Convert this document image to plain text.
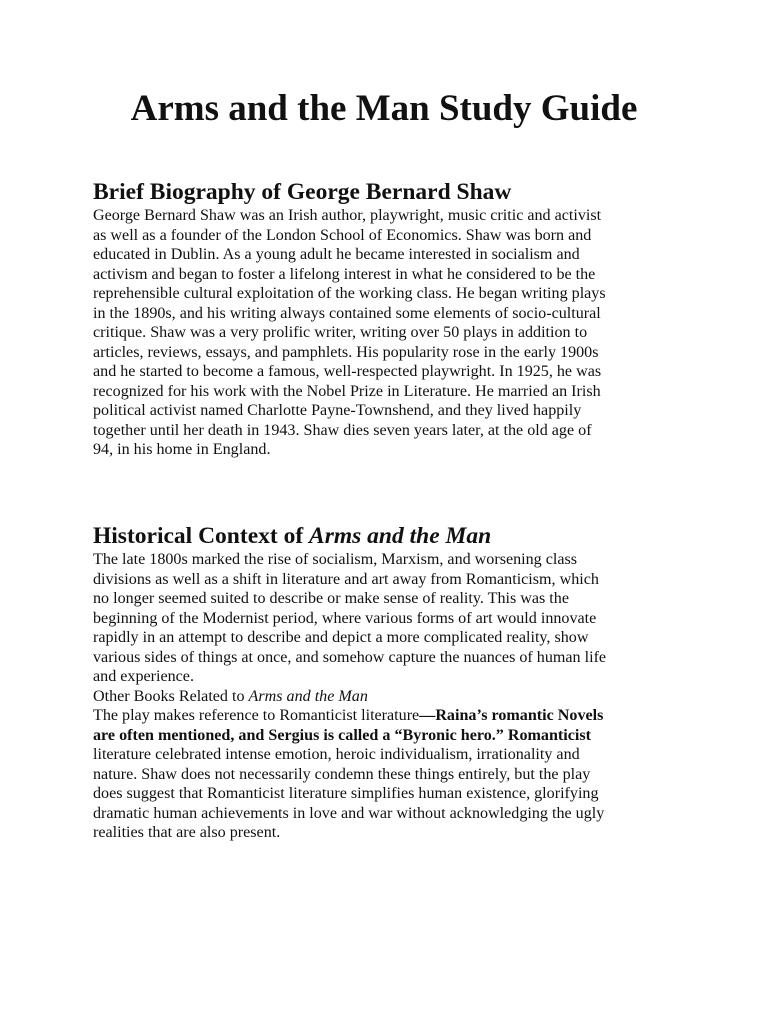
Arms and the Man Study Guide
Brief Biography of George Bernard Shaw
George Bernard Shaw was an Irish author, playwright, music critic and activist
as well as a founder of the London School of Economics. Shaw was born and
educated in Dublin. As a young adult he became interested in socialism and
activism and began to foster a lifelong interest in what he considered to be the
reprehensible cultural exploitation of the working class. He began writing plays
in the 1890s, and his writing always contained some elements of socio-cultural
critique. Shaw was a very prolific writer, writing over 50 plays in addition to
articles, reviews, essays, and pamphlets. His popularity rose in the early 1900s
and he started to become a famous, well-respected playwright. In 1925, he was
recognized for his work with the Nobel Prize in Literature. He married an Irish
political activist named Charlotte Payne-Townshend, and they lived happily
together until her death in 1943. Shaw dies seven years later, at the old age of
94, in his home in England.
Historical Context of Arms and the Man
The late 1800s marked the rise of socialism, Marxism, and worsening class
divisions as well as a shift in literature and art away from Romanticism, which
no longer seemed suited to describe or make sense of reality. This was the
beginning of the Modernist period, where various forms of art would innovate
rapidly in an attempt to describe and depict a more complicated reality, show
various sides of things at once, and somehow capture the nuances of human life
and experience.
Other Books Related to Arms and the Man
The play makes reference to Romanticist literature—Raina’s romantic Novels
are often mentioned, and Sergius is called a “Byronic hero.” Romanticist
literature celebrated intense emotion, heroic individualism, irrationality and
nature. Shaw does not necessarily condemn these things entirely, but the play
does suggest that Romanticist literature simplifies human existence, glorifying
dramatic human achievements in love and war without acknowledging the ugly
realities that are also present.
